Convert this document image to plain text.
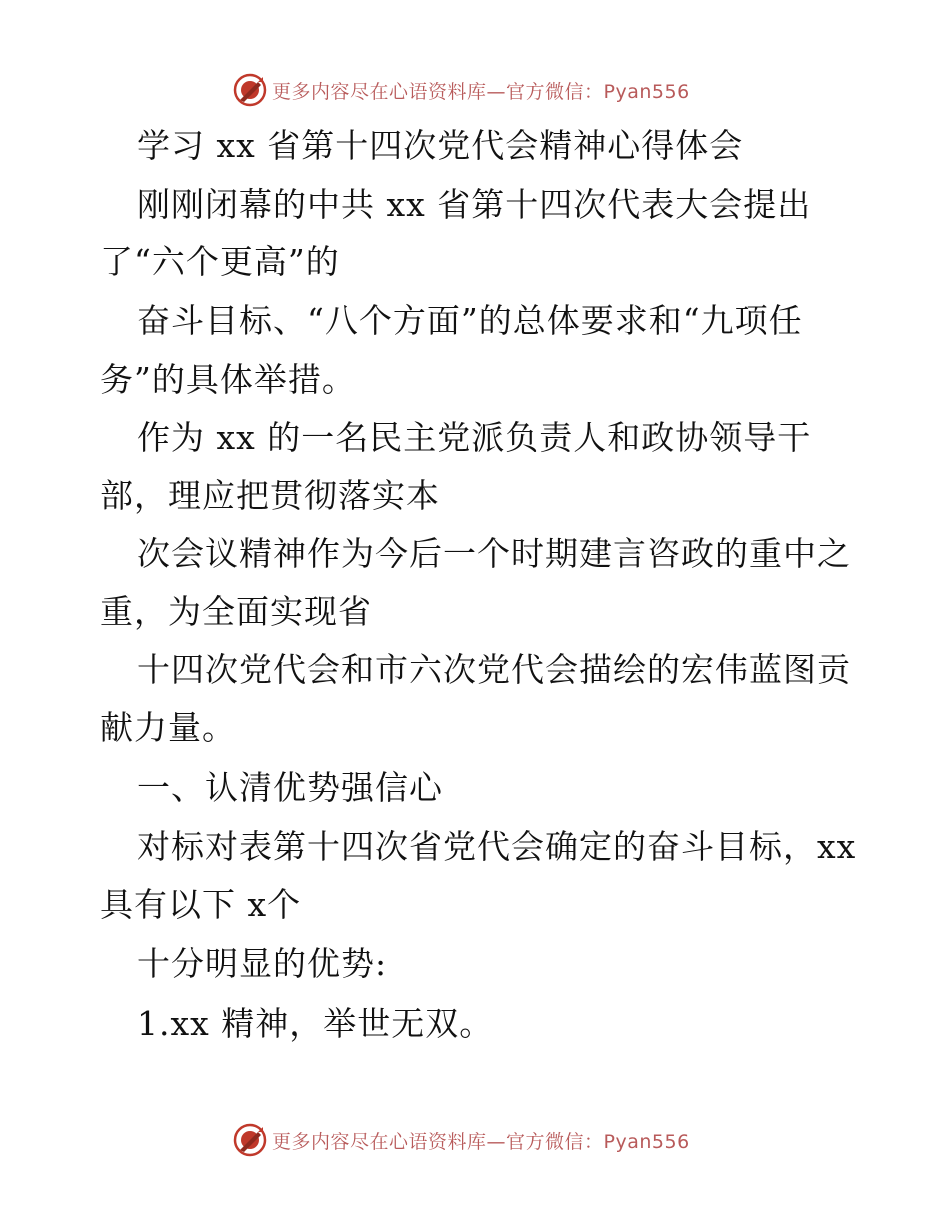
更多内容尽在心语资料库—官方微信：Pyan556
学习 xx 省第十四次党代会精神心得体会
刚刚闭幕的中共 xx 省第十四次代表大会提出
了“六个更高”的
奋斗目标、“八个方面”的总体要求和“九项任
务”的具体举措。
作为 xx 的一名民主党派负责人和政协领导干
部，理应把贯彻落实本
次会议精神作为今后一个时期建言咨政的重中之
重，为全面实现省
十四次党代会和市六次党代会描绘的宏伟蓝图贡
献力量。
一、认清优势强信心
对标对表第十四次省党代会确定的奋斗目标，xx
具有以下 x个
十分明显的优势:
1.xx 精神，举世无双。
更多内容尽在心语资料库—官方微信：Pyan556
